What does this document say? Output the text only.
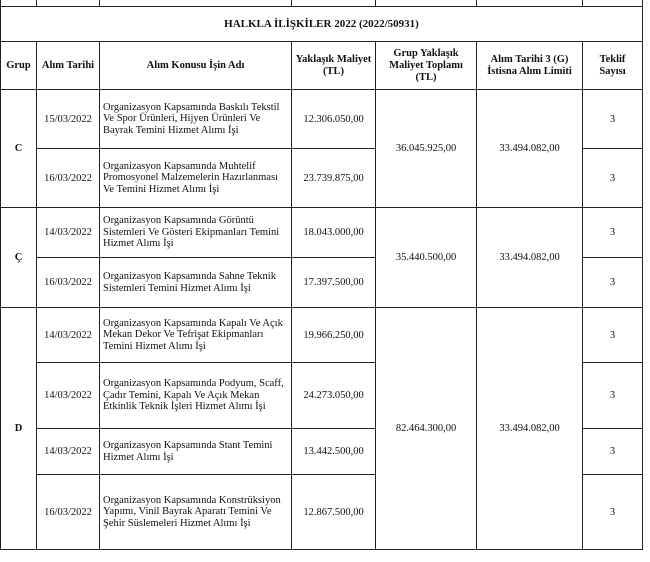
HALKLA İLİŞKİLER 2022 (2022/50931)						
Grup	Alım Tarihi	Alım Konusu İşin Adı	Yaklaşık Maliyet (TL)	Grup Yaklaşık Maliyet Toplamı (TL)	Alım Tarihi 3 (G) İstisna Alım Limiti	Teklif Sayısı
C	15/03/2022	Organizasyon Kapsamında Baskılı Tekstil Ve Spor Ürünleri, Hijyen Ürünleri Ve Bayrak Temini Hizmet Alımı İşi	12.306.050,00	36.045.925,00	33.494.082,00	3
	16/03/2022	Organizasyon Kapsamında Muhtelif Promosyonel Malzemelerin Hazırlanması Ve Temini Hizmet Alımı İşi	23.739.875,00			3
Ç	14/03/2022	Organizasyon Kapsamında Görüntü Sistemleri Ve Gösteri Ekipmanları Temini Hizmet Alımı İşi	18.043.000,00	35.440.500,00	33.494.082,00	3
	16/03/2022	Organizasyon Kapsamında Sahne Teknik Sistemleri Temini Hizmet Alımı İşi	17.397.500,00			3
D	14/03/2022	Organizasyon Kapsamında Kapalı Ve Açık Mekan Dekor Ve Tefrişat Ekipmanları Temini Hizmet Alımı İşi	19.966.250,00	82.464.300,00	33.494.082,00	3
	14/03/2022	Organizasyon Kapsamında Podyum, Scaff, Çadır Temini, Kapalı Ve Açık Mekan Etkinlik Teknik İşleri Hizmet Alımı İşi	24.273.050,00			3
	14/03/2022	Organizasyon Kapsamında Stant Temini Hizmet Alımı İşi	13.442.500,00			3
	16/03/2022	Organizasyon Kapsamında Konstrüksiyon Yapımı, Vinil Bayrak Aparatı Temini Ve Şehir Süslemeleri Hizmet Alımı İşi	12.867.500,00			3
